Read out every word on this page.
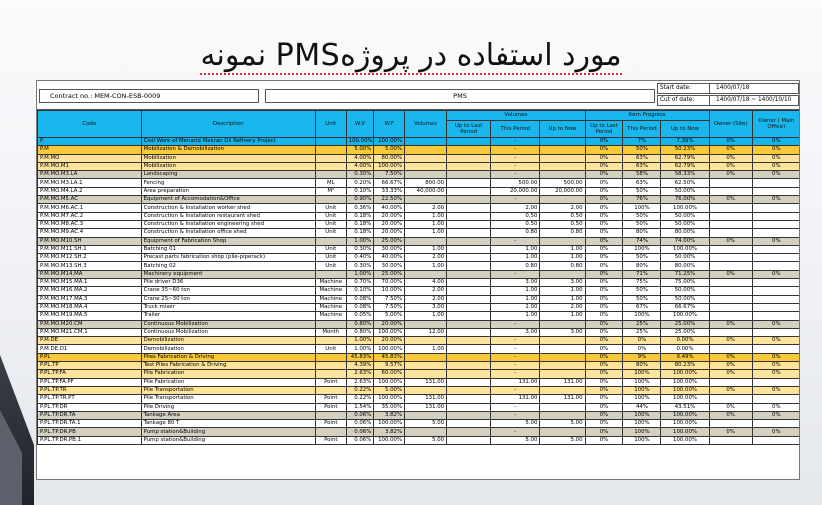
نمونه PMSمورد استفاده در پروژه
Contract no.: MEM-CON-ESB-0009	PMS
Start date:	1400/07/18
Cut of date:	1400/07/18 ~ 1400/10/10
Code	Description	Unit	W.V	W.F	Volumes	Volumes			Item Progress			Owner (Site)	Owner ( Main Office)
						Up to Last Period	This Period	Up to Now	Up to Last Period	This Period	Up to Now		
P.	Civil Work of Menarid Makran Oil Refinery Project		100.00%	100.00%			-		0%	7%	7.39%	0%	0%
P.M	Mobilization & Demobilization		5.00%	5.00%			-		0%	50%	50.23%	0%	0%
P.M.MO	Mobilization		4.00%	80.00%			-		0%	63%	62.79%	0%	0%
P.M.MO.M1	Mobilization		4.00%	100.00%			-		0%	63%	62.79%	0%	0%
P.M.MO.M3.LA	Landscaping		0.30%	7.50%			-		0%	58%	58.33%	0%	0%
P.M.MO.M3.LA.1	Fencing	ML	0.20%	66.67%	800.00		500.00	500.00	0%	63%	62.50%		
P.M.MO.M4.LA.2	Area preparation	M²	0.10%	33.33%	40,000.00		20,000.00	20,000.00	0%	50%	50.00%		
P.M.MO.M5.AC	Equipment of Accomodation&Office		0.90%	22.50%			-		0%	76%	76.00%	0%	0%
P.M.MO.M6.AC.1	Construction & Installation worker shed	Unit	0.36%	40.00%	2.00		2.00	2.00	0%	100%	100.00%		
P.M.MO.M7.AC.2	Construction & Installation restaurant shed	Unit	0.18%	20.00%	1.00		0.50	0.50	0%	50%	50.00%		
P.M.MO.M8.AC.3	Construction & Installation engineering shed	Unit	0.18%	20.00%	1.00		0.50	0.50	0%	50%	50.00%		
P.M.MO.M9.AC.4	Construction & Installation office shed	Unit	0.18%	20.00%	1.00		0.80	0.80	0%	80%	80.00%		
P.M.MO.M10.SH	Equipment of Fabrication Shop		1.00%	25.00%			-		0%	74%	74.00%	0%	0%
P.M.MO.M11.SH.1	Batching 01	Unit	0.30%	30.00%	1.00		1.00	1.00	0%	100%	100.00%		
P.M.MO.M12.SH.2	Precast parts fabrication shop (pile-piperack)	Unit	0.40%	40.00%	2.00		1.00	1.00	0%	50%	50.00%		
P.M.MO.M13.SH.3	Batching 02	Unit	0.30%	30.00%	1.00		0.80	0.80	0%	80%	80.00%		
P.M.MO.M14.MA	Machinery equipment		1.00%	25.00%			-		0%	71%	71.25%	0%	0%
P.M.MO.M15.MA.1	Pile driver D36	Machine	0.70%	70.00%	4.00		3.00	3.00	0%	75%	75.00%		
P.M.MO.M16.MA.2	Crane 35~60 ton	Machine	0.10%	10.00%	2.00		1.00	1.00	0%	50%	50.00%		
P.M.MO.M17.MA.3	Crane 25~30 ton	Machine	0.08%	7.50%	2.00		1.00	1.00	0%	50%	50.00%		
P.M.MO.M18.MA.4	Truck mixer	Machine	0.08%	7.50%	3.00		2.00	2.00	0%	67%	66.67%		
P.M.MO.M19.MA.5	Trailer	Machine	0.05%	5.00%	1.00		1.00	1.00	0%	100%	100.00%		
P.M.MO.M20.CM	Continuous Mobilization		0.80%	20.00%			-		0%	25%	25.00%	0%	0%
P.M.MO.M21.CM.1	Continuous Mobilization	Month	0.80%	100.00%	12.00		3.00	3.00	0%	25%	25.00%		
P.M.DE	Demobilization		1.00%	20.00%			-		0%	0%	0.00%	0%	0%
P.M.DE.D1	Demobilization	Unit	1.00%	100.00%	1.00		-		0%	0%	0.00%		
P.PL	Piles Fabrication & Driving		45.83%	45.83%			-		0%	9%	9.49%	0%	0%
P.PL.TP	Test Piles Fabrication & Driving		4.39%	9.57%			-		0%	80%	80.23%	0%	0%
P.PL.TP.FA	Pile Fabrication		2.63%	60.00%			-		0%	100%	100.00%	0%	0%
P.PL.TP.FA.PF	Pile Fabrication	Point	2.63%	100.00%	131.00		131.00	131.00	0%	100%	100.00%		
P.PL.TP.TR	Pile Transportation		0.22%	5.00%			-		0%	100%	100.00%	0%	0%
P.PL.TP.TR.PT	Pile Transportation	Point	0.22%	100.00%	131.00		131.00	131.00	0%	100%	100.00%		
P.PL.TP.DR	Pile Driving	Point	1.54%	35.00%	131.00		-		0%	44%	43.51%	0%	0%
P.PL.TP.DR.TA	Tankage Area		0.06%	3.82%			-		0%	100%	100.00%	0%	0%
P.PL.TP.DR.TA.1	Tankage 80 T	Point	0.06%	100.00%	5.00		5.00	5.00	0%	100%	100.00%		
P.PL.TP.DR.PB	Pump station&Building		0.06%	3.82%			-		0%	100%	100.00%	0%	0%
P.PL.TP.DR.PB.1	Pump station&Building	Point	0.06%	100.00%	5.00		5.00	5.00	0%	100%	100.00%		
